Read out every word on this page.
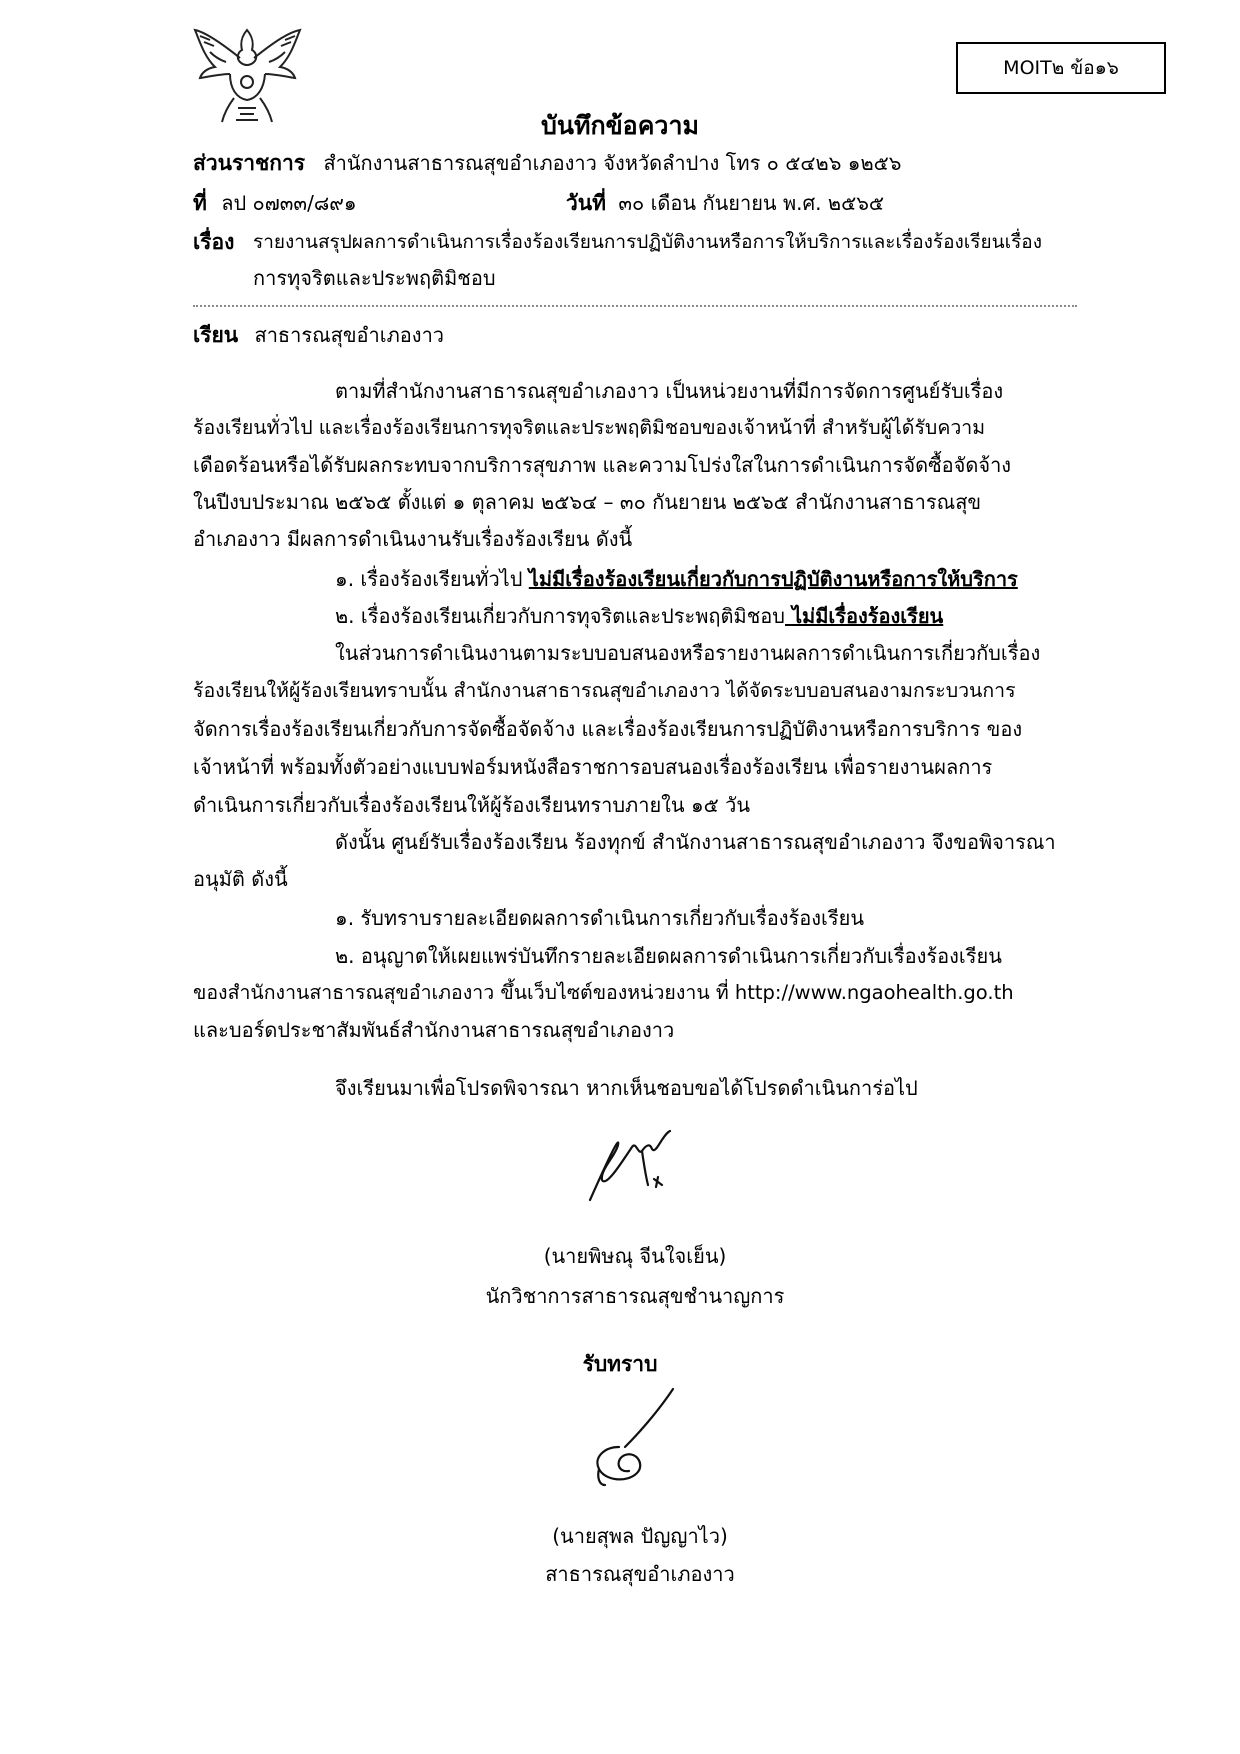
MOIT๒ ข้อ๑๖
บันทึกข้อความ
ส่วนราชการ สำนักงานสาธารณสุขอำเภองาว จังหวัดลำปาง โทร ๐ ๕๔๒๖ ๑๒๕๖
ที่ ลป ๐๗๓๓/๘๙๑	วันที่ ๓๐ เดือน กันยายน พ.ศ. ๒๕๖๕
เรื่อง รายงานสรุปผลการดำเนินการเรื่องร้องเรียนการปฏิบัติงานหรือการให้บริการและเรื่องร้องเรียนเรื่อง
การทุจริตและประพฤติมิชอบ
เรียน สาธารณสุขอำเภองาว
ตามที่สำนักงานสาธารณสุขอำเภองาว เป็นหน่วยงานที่มีการจัดการศูนย์รับเรื่อง
ร้องเรียนทั่วไป และเรื่องร้องเรียนการทุจริตและประพฤติมิชอบของเจ้าหน้าที่ สำหรับผู้ได้รับความ
เดือดร้อนหรือได้รับผลกระทบจากบริการสุขภาพ และความโปร่งใสในการดำเนินการจัดซื้อจัดจ้าง
ในปีงบประมาณ ๒๕๖๕ ตั้งแต่ ๑ ตุลาคม ๒๕๖๔ – ๓๐ กันยายน ๒๕๖๕ สำนักงานสาธารณสุข
อำเภองาว มีผลการดำเนินงานรับเรื่องร้องเรียน ดังนี้
๑. เรื่องร้องเรียนทั่วไป ไม่มีเรื่องร้องเรียนเกี่ยวกับการปฏิบัติงานหรือการให้บริการ
๒. เรื่องร้องเรียนเกี่ยวกับการทุจริตและประพฤติมิชอบ ไม่มีเรื่องร้องเรียน
ในส่วนการดำเนินงานตามระบบอบสนองหรือรายงานผลการดำเนินการเกี่ยวกับเรื่อง
ร้องเรียนให้ผู้ร้องเรียนทราบนั้น สำนักงานสาธารณสุขอำเภองาว ได้จัดระบบอบสนองามกระบวนการ
จัดการเรื่องร้องเรียนเกี่ยวกับการจัดซื้อจัดจ้าง และเรื่องร้องเรียนการปฏิบัติงานหรือการบริการ ของ
เจ้าหน้าที่ พร้อมทั้งตัวอย่างแบบฟอร์มหนังสือราชการอบสนองเรื่องร้องเรียน เพื่อรายงานผลการ
ดำเนินการเกี่ยวกับเรื่องร้องเรียนให้ผู้ร้องเรียนทราบภายใน ๑๕ วัน
ดังนั้น ศูนย์รับเรื่องร้องเรียน ร้องทุกข์ สำนักงานสาธารณสุขอำเภองาว จึงขอพิจารณา
อนุมัติ ดังนี้
๑. รับทราบรายละเอียดผลการดำเนินการเกี่ยวกับเรื่องร้องเรียน
๒. อนุญาตให้เผยแพร่บันทึกรายละเอียดผลการดำเนินการเกี่ยวกับเรื่องร้องเรียน
ของสำนักงานสาธารณสุขอำเภองาว ขึ้นเว็บไซต์ของหน่วยงาน ที่ http://www.ngaohealth.go.th
และบอร์ดประชาสัมพันธ์สำนักงานสาธารณสุขอำเภองาว
จึงเรียนมาเพื่อโปรดพิจารณา หากเห็นชอบขอได้โปรดดำเนินการ่อไป
(นายพิษณุ จีนใจเย็น)
นักวิชาการสาธารณสุขชำนาญการ
รับทราบ
(นายสุพล ปัญญาไว)
สาธารณสุขอำเภองาว
